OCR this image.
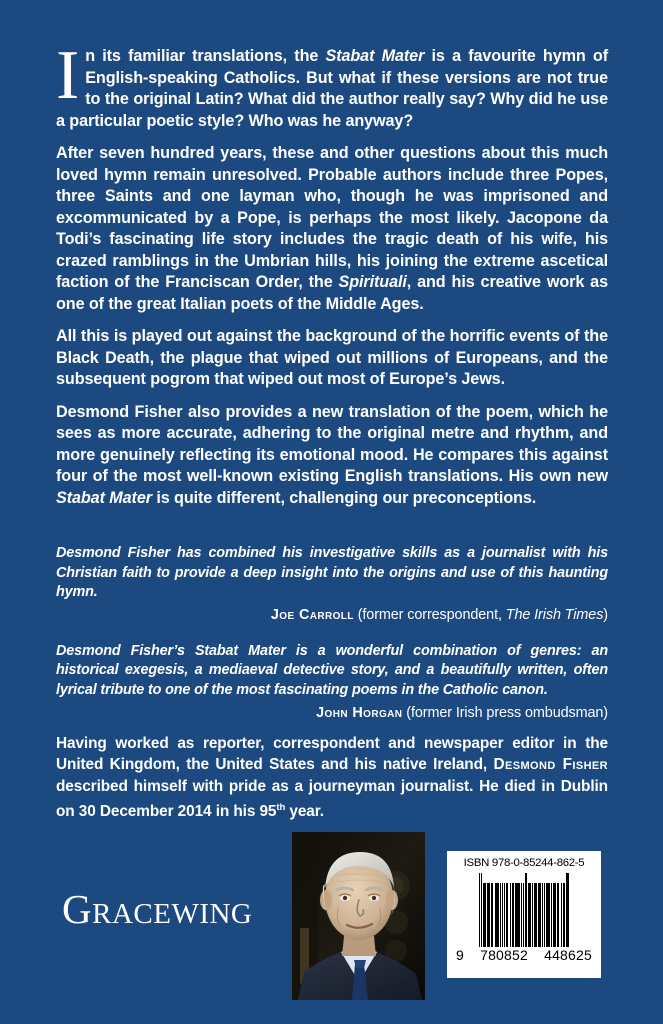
In its familiar translations, the Stabat Mater is a favourite hymn of English-speaking Catholics. But what if these versions are not true to the original Latin? What did the author really say? Why did he use a particular poetic style? Who was he anyway?

After seven hundred years, these and other questions about this much loved hymn remain unresolved. Probable authors include three Popes, three Saints and one layman who, though he was imprisoned and excommunicated by a Pope, is perhaps the most likely. Jacopone da Todi’s fascinating life story includes the tragic death of his wife, his crazed ramblings in the Umbrian hills, his joining the extreme ascetical faction of the Franciscan Order, the Spirituali, and his creative work as one of the great Italian poets of the Middle Ages.

All this is played out against the background of the horrific events of the Black Death, the plague that wiped out millions of Europeans, and the subsequent pogrom that wiped out most of Europe’s Jews.

Desmond Fisher also provides a new translation of the poem, which he sees as more accurate, adhering to the original metre and rhythm, and more genuinely reflecting its emotional mood. He compares this against four of the most well-known existing English translations. His own new Stabat Mater is quite different, challenging our preconceptions.

Desmond Fisher has combined his investigative skills as a journalist with his Christian faith to provide a deep insight into the origins and use of this haunting hymn.

Joe Carroll (former correspondent, The Irish Times)

Desmond Fisher’s Stabat Mater is a wonderful combination of genres: an historical exegesis, a mediaeval detective story, and a beautifully written, often lyrical tribute to one of the most fascinating poems in the Catholic canon.

John Horgan (former Irish press ombudsman)

Having worked as reporter, correspondent and newspaper editor in the United Kingdom, the United States and his native Ireland, Desmond Fisher described himself with pride as a journeyman journalist. He died in Dublin on 30 December 2014 in his 95th year.

Gracewing
ISBN 978-0-85244-862-5
9 780852 448625
